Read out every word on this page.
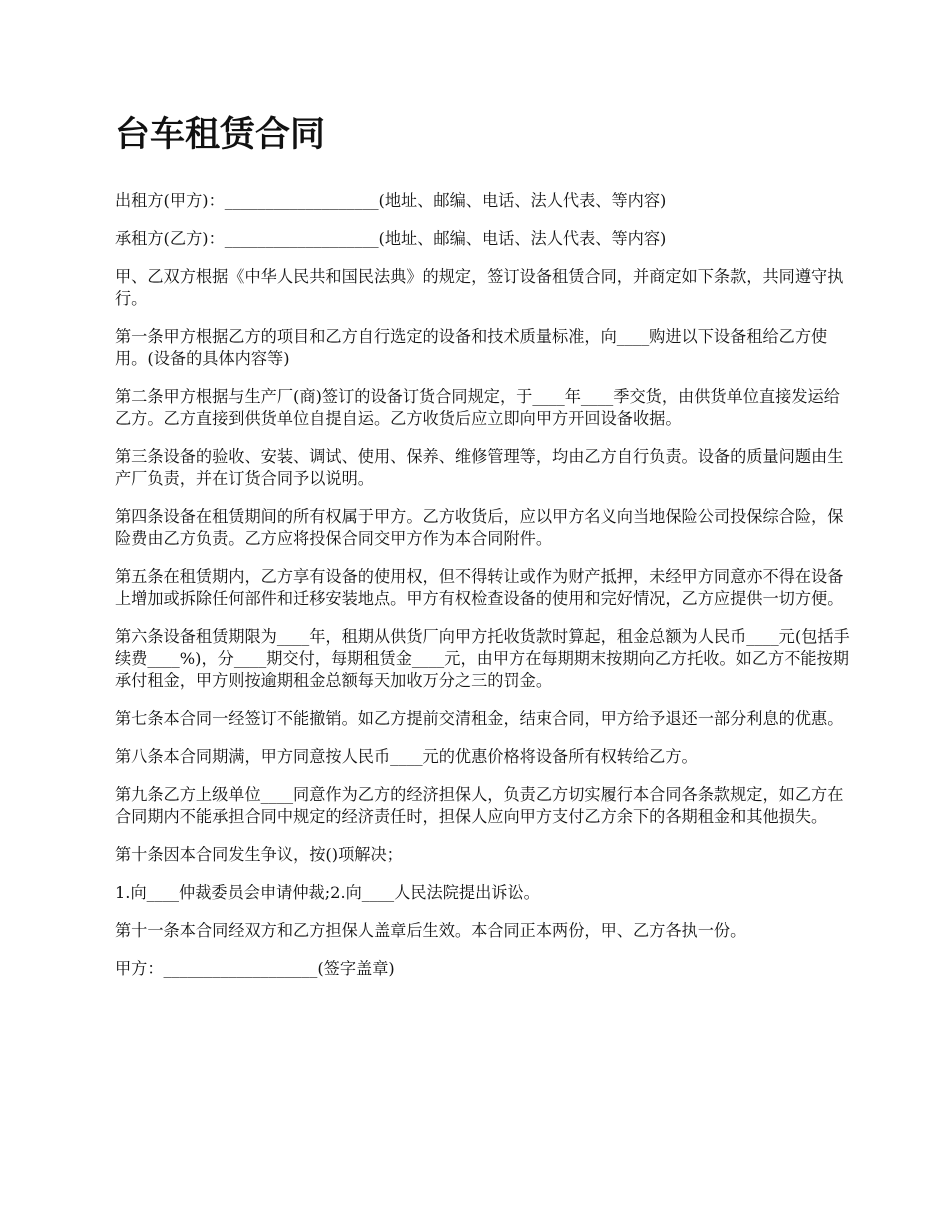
台车租赁合同

出租方(甲方)：___________________(地址、邮编、电话、法人代表、等内容)

承租方(乙方)：___________________(地址、邮编、电话、法人代表、等内容)

甲、乙双方根据《中华人民共和国民法典》的规定，签订设备租赁合同，并商定如下条款，共同遵守执行。

第一条甲方根据乙方的项目和乙方自行选定的设备和技术质量标准，向____购进以下设备租给乙方使用。(设备的具体内容等)

第二条甲方根据与生产厂(商)签订的设备订货合同规定，于____年____季交货，由供货单位直接发运给乙方。乙方直接到供货单位自提自运。乙方收货后应立即向甲方开回设备收据。

第三条设备的验收、安装、调试、使用、保养、维修管理等，均由乙方自行负责。设备的质量问题由生产厂负责，并在订货合同予以说明。

第四条设备在租赁期间的所有权属于甲方。乙方收货后，应以甲方名义向当地保险公司投保综合险，保险费由乙方负责。乙方应将投保合同交甲方作为本合同附件。

第五条在租赁期内，乙方享有设备的使用权，但不得转让或作为财产抵押，未经甲方同意亦不得在设备上增加或拆除任何部件和迁移安装地点。甲方有权检查设备的使用和完好情况，乙方应提供一切方便。

第六条设备租赁期限为____年，租期从供货厂向甲方托收货款时算起，租金总额为人民币____元(包括手续费____%)，分____期交付，每期租赁金____元，由甲方在每期期末按期向乙方托收。如乙方不能按期承付租金，甲方则按逾期租金总额每天加收万分之三的罚金。

第七条本合同一经签订不能撤销。如乙方提前交清租金，结束合同，甲方给予退还一部分利息的优惠。

第八条本合同期满，甲方同意按人民币____元的优惠价格将设备所有权转给乙方。

第九条乙方上级单位____同意作为乙方的经济担保人，负责乙方切实履行本合同各条款规定，如乙方在合同期内不能承担合同中规定的经济责任时，担保人应向甲方支付乙方余下的各期租金和其他损失。

第十条因本合同发生争议，按()项解决；

1.向____仲裁委员会申请仲裁;2.向____人民法院提出诉讼。

第十一条本合同经双方和乙方担保人盖章后生效。本合同正本两份，甲、乙方各执一份。

甲方：___________________(签字盖章)
